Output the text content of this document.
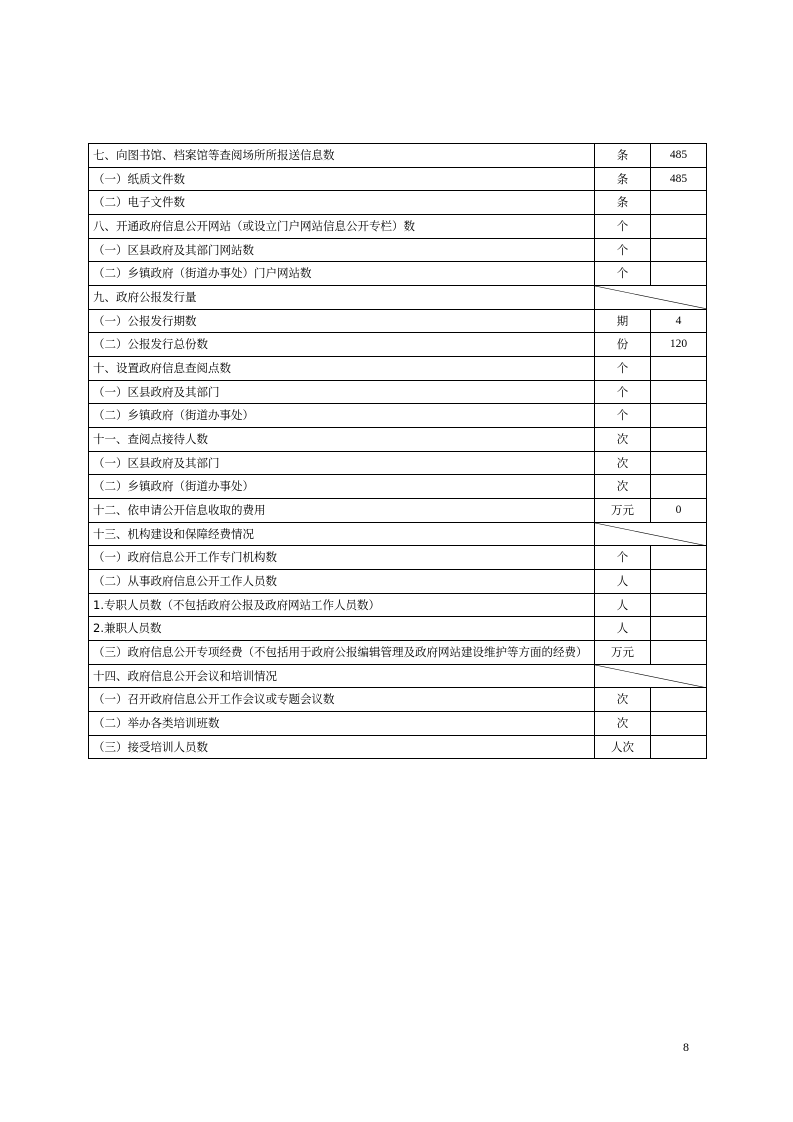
七、向图书馆、档案馆等查阅场所所报送信息数	条	485
（一）纸质文件数	条	485
（二）电子文件数	条	
八、开通政府信息公开网站（或设立门户网站信息公开专栏）数	个	
（一）区县政府及其部门网站数	个	
（二）乡镇政府（街道办事处）门户网站数	个	
九、政府公报发行量	

（一）公报发行期数	期	4
（二）公报发行总份数	份	120
十、设置政府信息查阅点数	个	
（一）区县政府及其部门	个	
（二）乡镇政府（街道办事处）	个	
十一、查阅点接待人数	次	
（一）区县政府及其部门	次	
（二）乡镇政府（街道办事处）	次	
十二、依申请公开信息收取的费用	万元	0
十三、机构建设和保障经费情况	

（一）政府信息公开工作专门机构数	个	
（二）从事政府信息公开工作人员数	人	
1.专职人员数（不包括政府公报及政府网站工作人员数）	人	
2.兼职人员数	人	
（三）政府信息公开专项经费（不包括用于政府公报编辑管理及政府网站建设维护等方面的经费）	万元	
十四、政府信息公开会议和培训情况	

（一）召开政府信息公开工作会议或专题会议数	次	
（二）举办各类培训班数	次	
（三）接受培训人员数	人次	
8
